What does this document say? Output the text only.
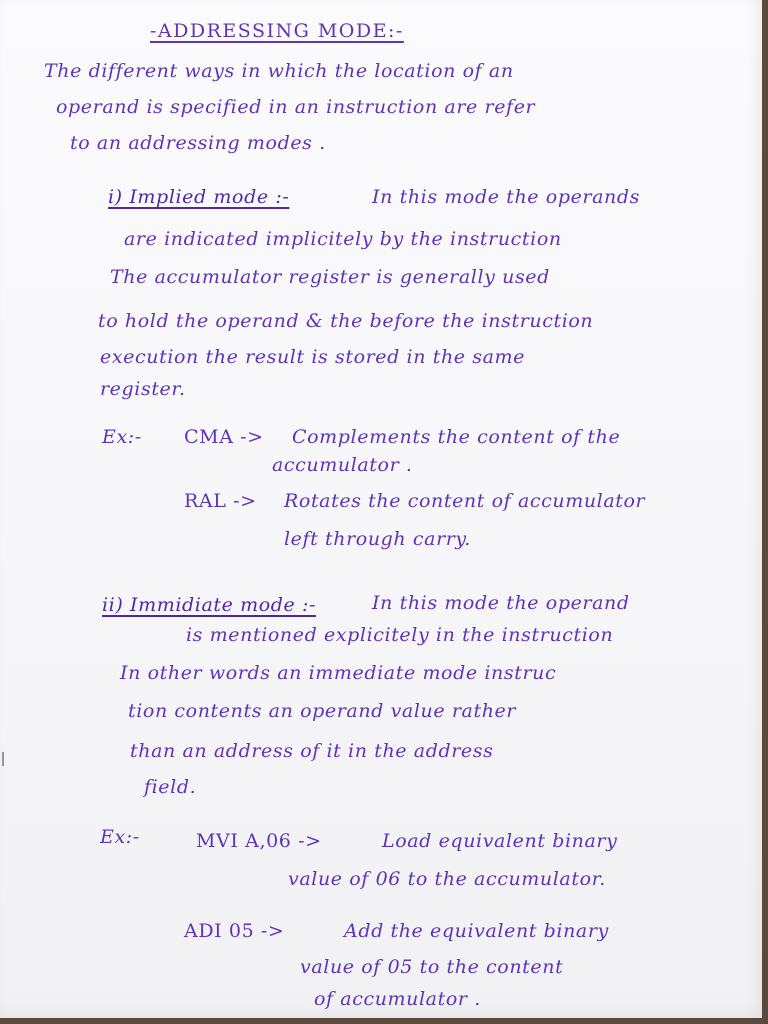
-ADDRESSING MODE:-
The different ways in which the location of an
operand is specified in an instruction are refer
to an addressing modes .
i) Implied mode :-	In this mode the operands
are indicated implicitely by the instruction
The accumulator register is generally used
to hold the operand & the before the instruction
execution the result is stored in the same
register.
Ex:- CMA -> Complements the content of the
accumulator .
RAL -> Rotates the content of accumulator
left through carry.
ii) Immidiate mode :-	In this mode the operand
is mentioned explicitely in the instruction
In other words an immediate mode instruc
tion contents an operand value rather
than an address of it in the address
field.
Ex:-	MVI A,06 ->	Load equivalent binary
value of 06 to the accumulator.
ADI 05 ->	Add the equivalent binary
value of 05 to the content
of accumulator .
